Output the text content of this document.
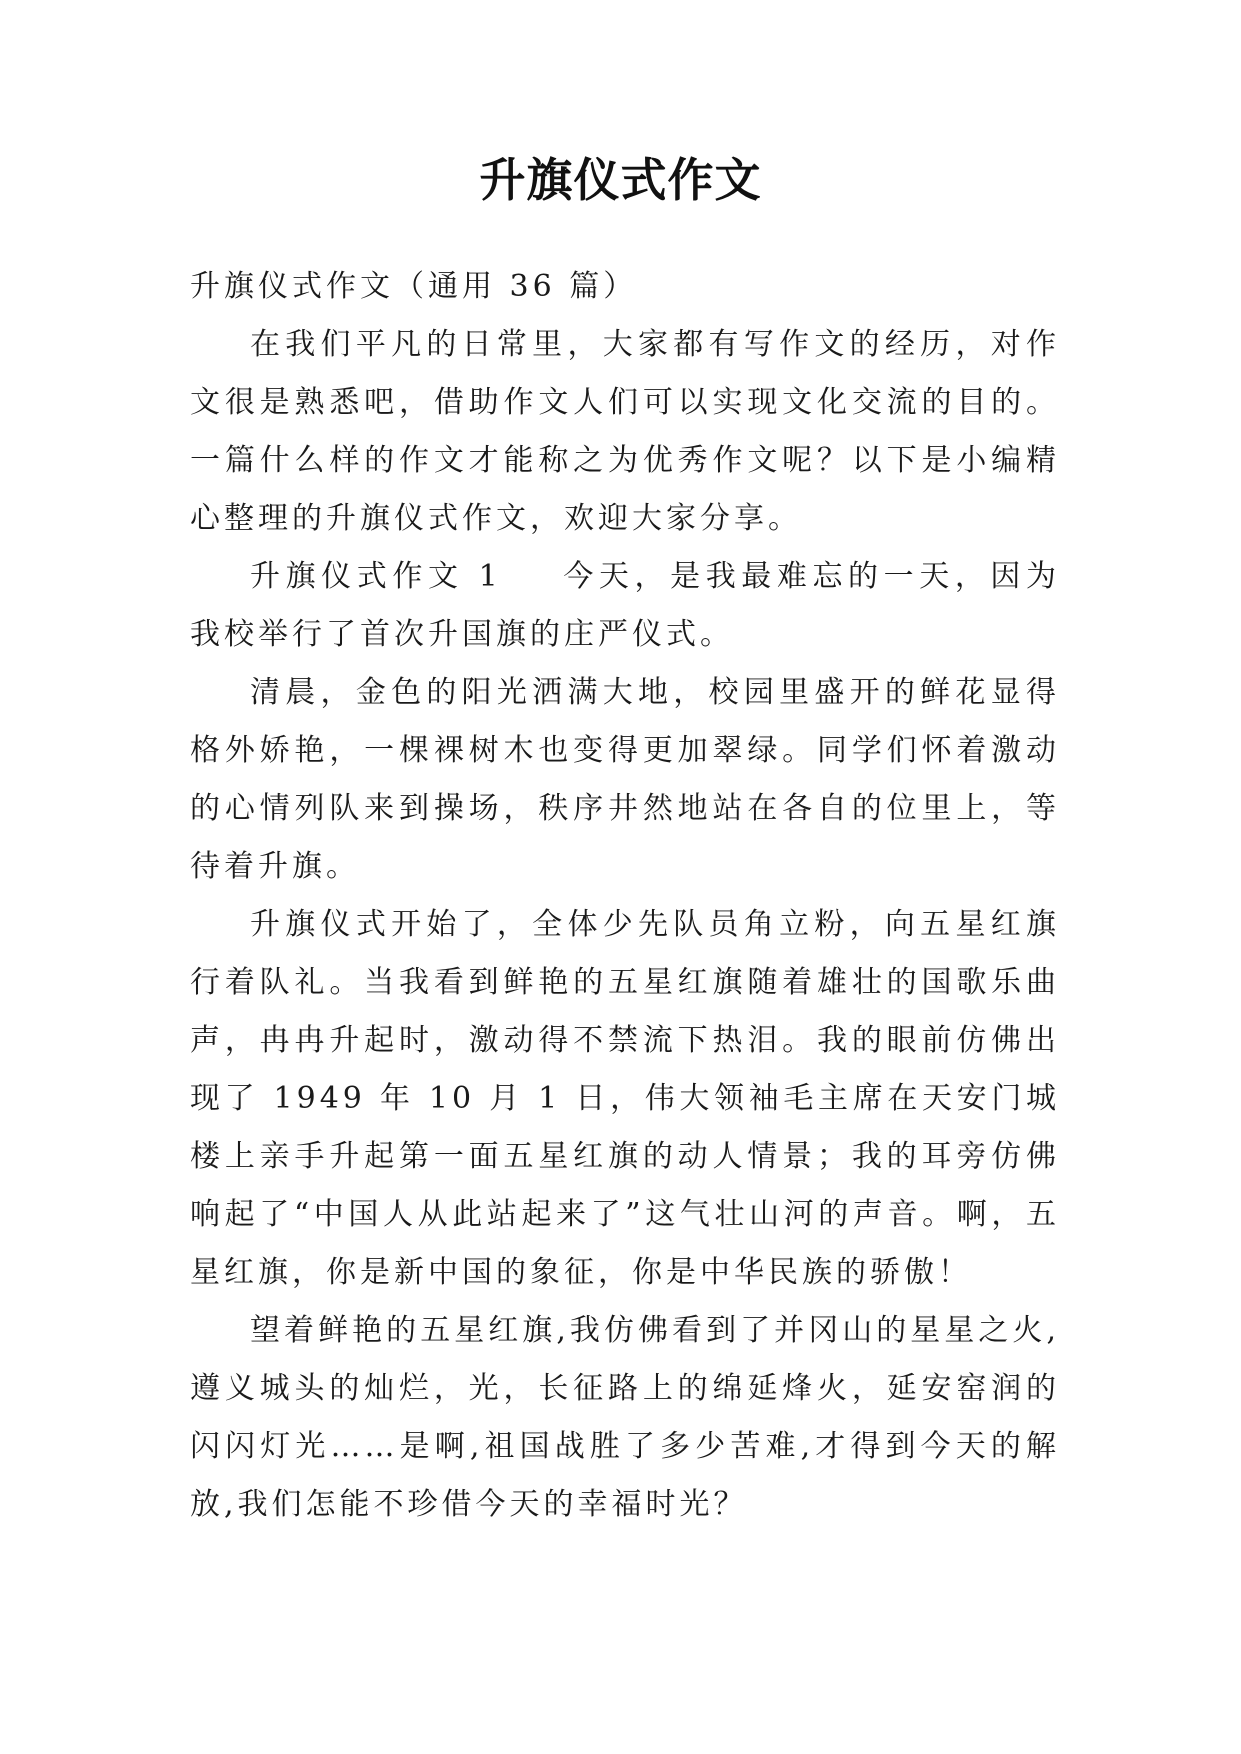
升旗仪式作文

升旗仪式作文（通用 36 篇）

在我们平凡的日常里，大家都有写作文的经历，对作文很是熟悉吧，借助作文人们可以实现文化交流的目的。一篇什么样的作文才能称之为优秀作文呢？以下是小编精心整理的升旗仪式作文，欢迎大家分享。

升旗仪式作文 1 今天，是我最难忘的一天，因为我校举行了首次升国旗的庄严仪式。

清晨，金色的阳光洒满大地，校园里盛开的鲜花显得格外娇艳，一棵裸树木也变得更加翠绿。同学们怀着激动的心情列队来到操场，秩序井然地站在各自的位里上，等待着升旗。

升旗仪式开始了，全体少先队员角立粉，向五星红旗行着队礼。当我看到鲜艳的五星红旗随着雄壮的国歌乐曲声，冉冉升起时，激动得不禁流下热泪。我的眼前仿佛出现了 1949 年 10 月 1 日，伟大领袖毛主席在天安门城楼上亲手升起第一面五星红旗的动人情景；我的耳旁仿佛响起了“中国人从此站起来了”这气壮山河的声音。啊，五星红旗，你是新中国的象征，你是中华民族的骄傲！

望着鲜艳的五星红旗,我仿佛看到了并冈山的星星之火,遵义城头的灿烂，光，长征路上的绵延烽火，延安窑润的闪闪灯光……是啊,祖国战胜了多少苦难,才得到今天的解放,我们怎能不珍借今天的幸福时光？
